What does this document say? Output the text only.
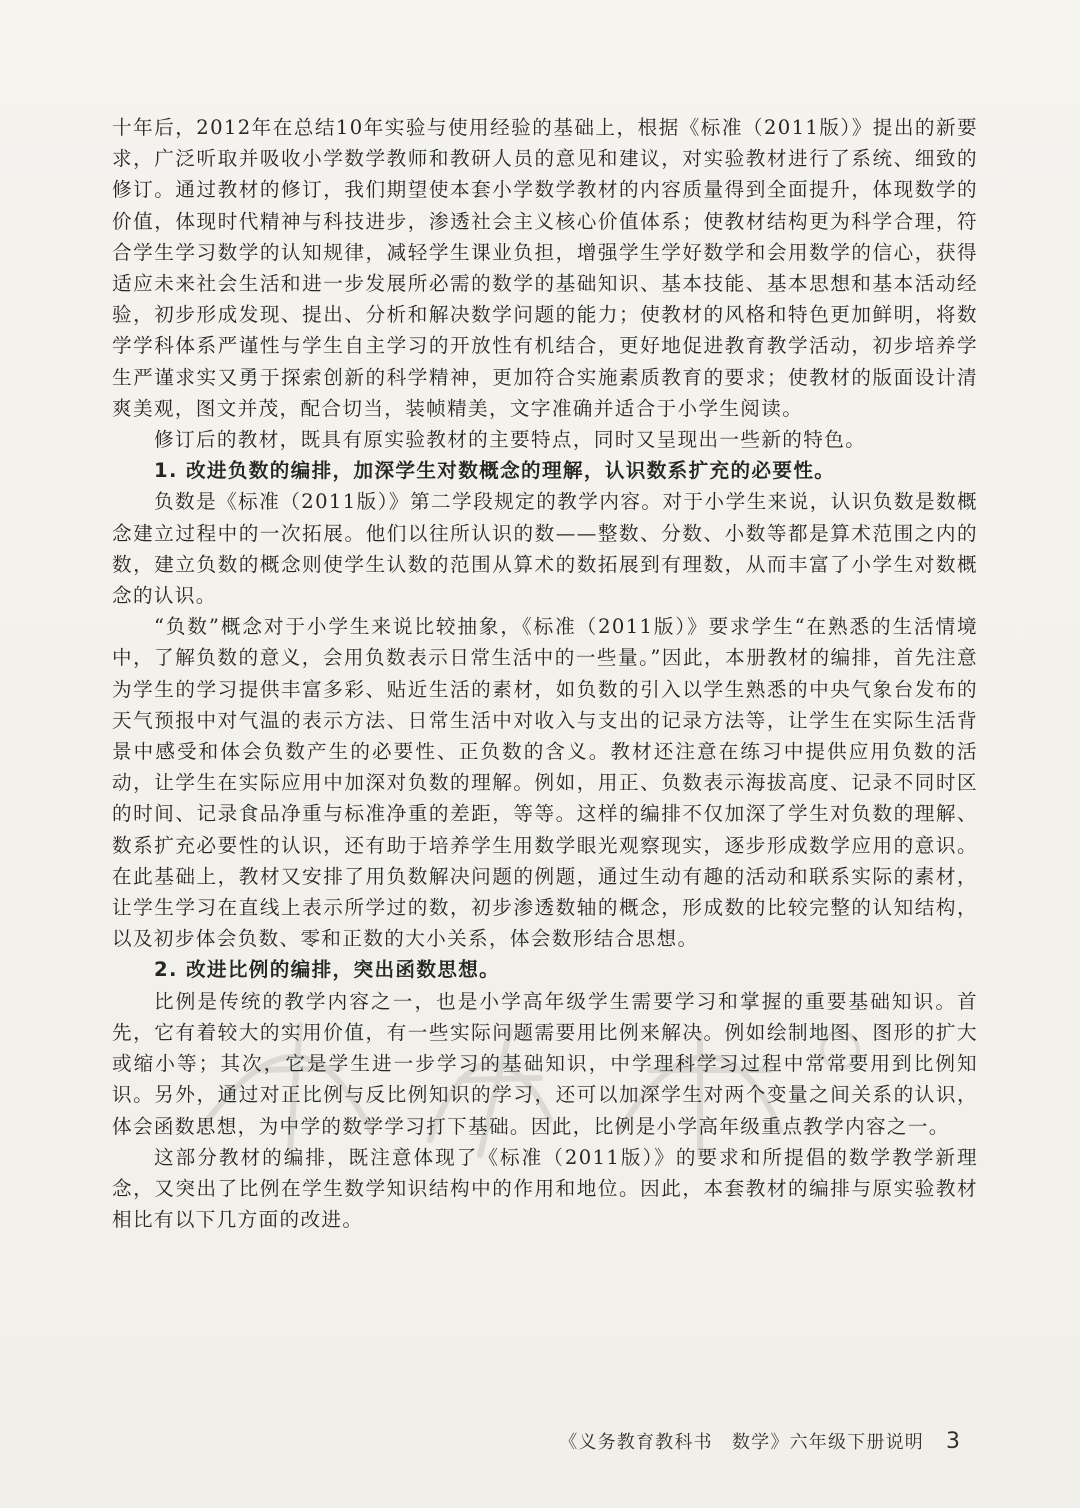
十年后，2012年在总结10年实验与使用经验的基础上，根据《标准（2011版）》提出的新要求，广泛听取并吸收小学数学教师和教研人员的意见和建议，对实验教材进行了系统、细致的修订。通过教材的修订，我们期望使本套小学数学教材的内容质量得到全面提升，体现数学的价值，体现时代精神与科技进步，渗透社会主义核心价值体系；使教材结构更为科学合理，符合学生学习数学的认知规律，减轻学生课业负担，增强学生学好数学和会用数学的信心，获得适应未来社会生活和进一步发展所必需的数学的基础知识、基本技能、基本思想和基本活动经验，初步形成发现、提出、分析和解决数学问题的能力；使教材的风格和特色更加鲜明，将数学学科体系严谨性与学生自主学习的开放性有机结合，更好地促进教育教学活动，初步培养学生严谨求实又勇于探索创新的科学精神，更加符合实施素质教育的要求；使教材的版面设计清爽美观，图文并茂，配合切当，装帧精美，文字准确并适合于小学生阅读。

修订后的教材，既具有原实验教材的主要特点，同时又呈现出一些新的特色。

1. 改进负数的编排，加深学生对数概念的理解，认识数系扩充的必要性。

负数是《标准（2011版）》第二学段规定的教学内容。对于小学生来说，认识负数是数概念建立过程中的一次拓展。他们以往所认识的数——整数、分数、小数等都是算术范围之内的数，建立负数的概念则使学生认数的范围从算术的数拓展到有理数，从而丰富了小学生对数概念的认识。

“负数”概念对于小学生来说比较抽象，《标准（2011版）》要求学生“在熟悉的生活情境中，了解负数的意义，会用负数表示日常生活中的一些量。”因此，本册教材的编排，首先注意为学生的学习提供丰富多彩、贴近生活的素材，如负数的引入以学生熟悉的中央气象台发布的天气预报中对气温的表示方法、日常生活中对收入与支出的记录方法等，让学生在实际生活背景中感受和体会负数产生的必要性、正负数的含义。教材还注意在练习中提供应用负数的活动，让学生在实际应用中加深对负数的理解。例如，用正、负数表示海拔高度、记录不同时区的时间、记录食品净重与标准净重的差距，等等。这样的编排不仅加深了学生对负数的理解、数系扩充必要性的认识，还有助于培养学生用数学眼光观察现实，逐步形成数学应用的意识。在此基础上，教材又安排了用负数解决问题的例题，通过生动有趣的活动和联系实际的素材，让学生学习在直线上表示所学过的数，初步渗透数轴的概念，形成数的比较完整的认知结构，以及初步体会负数、零和正数的大小关系，体会数形结合思想。

2. 改进比例的编排，突出函数思想。

比例是传统的教学内容之一，也是小学高年级学生需要学习和掌握的重要基础知识。首先，它有着较大的实用价值，有一些实际问题需要用比例来解决。例如绘制地图、图形的扩大或缩小等；其次，它是学生进一步学习的基础知识，中学理科学习过程中常常要用到比例知识。另外，通过对正比例与反比例知识的学习，还可以加深学生对两个变量之间关系的认识，体会函数思想，为中学的数学学习打下基础。因此，比例是小学高年级重点教学内容之一。

这部分教材的编排，既注意体现了《标准（2011版）》的要求和所提倡的数学教学新理念，又突出了比例在学生数学知识结构中的作用和地位。因此，本套教材的编排与原实验教材相比有以下几方面的改进。

《义务教育教科书　数学》六年级下册说明 3
